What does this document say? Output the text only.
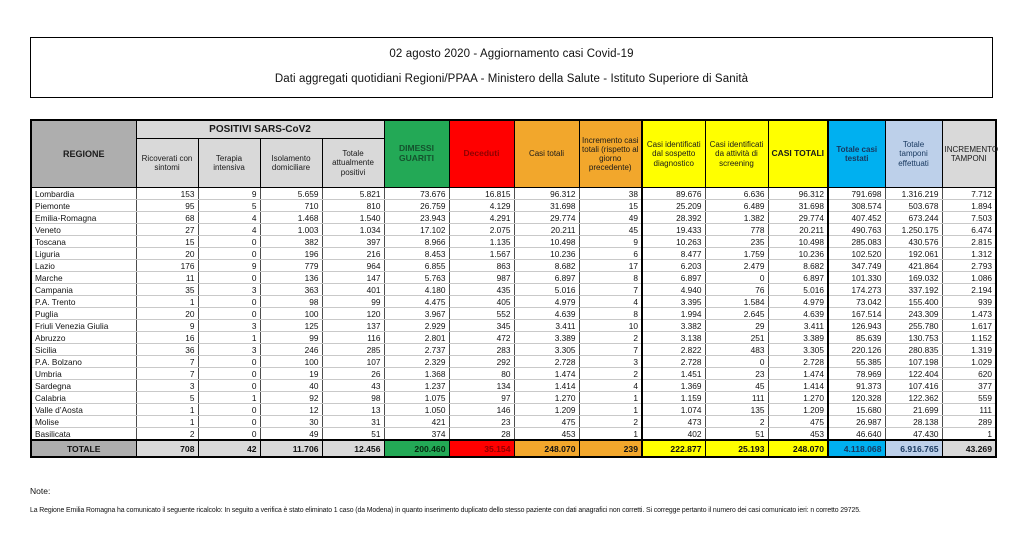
02 agosto 2020 - Aggiornamento casi Covid-19
Dati aggregati quotidiani Regioni/PPAA - Ministero della Salute - Istituto Superiore di Sanità
REGIONE	POSITIVI SARS-CoV2				DIMESSI GUARITI	Deceduti	Casi totali	Incremento casi totali (rispetto al giorno precedente)	Casi identificati dal sospetto diagnostico	Casi identificati da attività di screening	CASI TOTALI	Totale casi testati	Totale tamponi effettuati	INCREMENTO TAMPONI
	Ricoverati con sintomi	Terapia intensiva	Isolamento domiciliare	Totale attualmente positivi										
Lombardia	153	9	5.659	5.821	73.676	16.815	96.312	38	89.676	6.636	96.312	791.698	1.316.219	7.712
Piemonte	95	5	710	810	26.759	4.129	31.698	15	25.209	6.489	31.698	308.574	503.678	1.894
Emilia-Romagna	68	4	1.468	1.540	23.943	4.291	29.774	49	28.392	1.382	29.774	407.452	673.244	7.503
Veneto	27	4	1.003	1.034	17.102	2.075	20.211	45	19.433	778	20.211	490.763	1.250.175	6.474
Toscana	15	0	382	397	8.966	1.135	10.498	9	10.263	235	10.498	285.083	430.576	2.815
Liguria	20	0	196	216	8.453	1.567	10.236	6	8.477	1.759	10.236	102.520	192.061	1.312
Lazio	176	9	779	964	6.855	863	8.682	17	6.203	2.479	8.682	347.749	421.864	2.793
Marche	11	0	136	147	5.763	987	6.897	8	6.897	0	6.897	101.330	169.032	1.086
Campania	35	3	363	401	4.180	435	5.016	7	4.940	76	5.016	174.273	337.192	2.194
P.A. Trento	1	0	98	99	4.475	405	4.979	4	3.395	1.584	4.979	73.042	155.400	939
Puglia	20	0	100	120	3.967	552	4.639	8	1.994	2.645	4.639	167.514	243.309	1.473
Friuli Venezia Giulia	9	3	125	137	2.929	345	3.411	10	3.382	29	3.411	126.943	255.780	1.617
Abruzzo	16	1	99	116	2.801	472	3.389	2	3.138	251	3.389	85.639	130.753	1.152
Sicilia	36	3	246	285	2.737	283	3.305	7	2.822	483	3.305	220.126	280.835	1.319
P.A. Bolzano	7	0	100	107	2.329	292	2.728	3	2.728	0	2.728	55.385	107.198	1.029
Umbria	7	0	19	26	1.368	80	1.474	2	1.451	23	1.474	78.969	122.404	620
Sardegna	3	0	40	43	1.237	134	1.414	4	1.369	45	1.414	91.373	107.416	377
Calabria	5	1	92	98	1.075	97	1.270	1	1.159	111	1.270	120.328	122.362	559
Valle d’Aosta	1	0	12	13	1.050	146	1.209	1	1.074	135	1.209	15.680	21.699	111
Molise	1	0	30	31	421	23	475	2	473	2	475	26.987	28.138	289
Basilicata	2	0	49	51	374	28	453	1	402	51	453	46.640	47.430	1
TOTALE	708	42	11.706	12.456	200.460	35.154	248.070	239	222.877	25.193	248.070	4.118.068	6.916.765	43.269
Note:
La Regione Emilia Romagna ha comunicato il seguente ricalcolo: In seguito a verifica è stato eliminato 1 caso (da Modena) in quanto inserimento duplicato dello stesso paziente con dati anagrafici non corretti. Si corregge pertanto il numero dei casi comunicato ieri: n corretto 29725.
